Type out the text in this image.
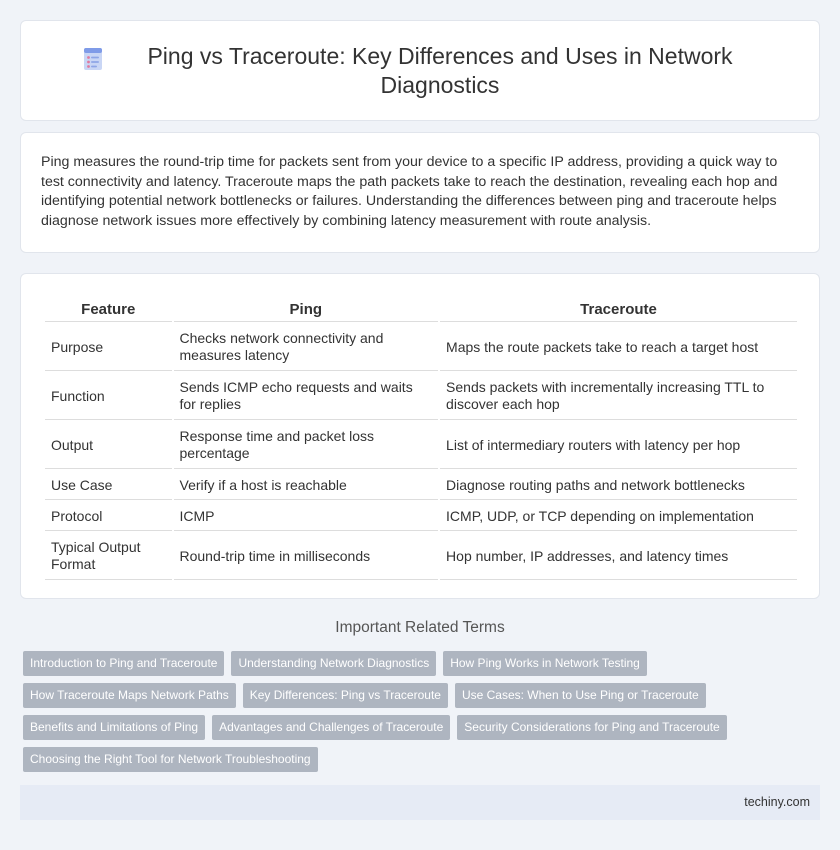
Ping vs Traceroute: Key Differences and Uses in Network Diagnostics

Ping measures the round-trip time for packets sent from your device to a specific IP address, providing a quick way to test connectivity and latency. Traceroute maps the path packets take to reach the destination, revealing each hop and identifying potential network bottlenecks or failures. Understanding the differences between ping and traceroute helps diagnose network issues more effectively by combining latency measurement with route analysis.

Feature	Ping	Traceroute
Purpose	Checks network connectivity and measures latency	Maps the route packets take to reach a target host
Function	Sends ICMP echo requests and waits for replies	Sends packets with incrementally increasing TTL to discover each hop
Output	Response time and packet loss percentage	List of intermediary routers with latency per hop
Use Case	Verify if a host is reachable	Diagnose routing paths and network bottlenecks
Protocol	ICMP	ICMP, UDP, or TCP depending on implementation
Typical Output Format	Round-trip time in milliseconds	Hop number, IP addresses, and latency times
Important Related Terms
Introduction to Ping and Traceroute	Understanding Network Diagnostics	How Ping Works in Network Testing
How Traceroute Maps Network Paths	Key Differences: Ping vs Traceroute	Use Cases: When to Use Ping or Traceroute
Benefits and Limitations of Ping	Advantages and Challenges of Traceroute	Security Considerations for Ping and Traceroute
Choosing the Right Tool for Network Troubleshooting
techiny.com
